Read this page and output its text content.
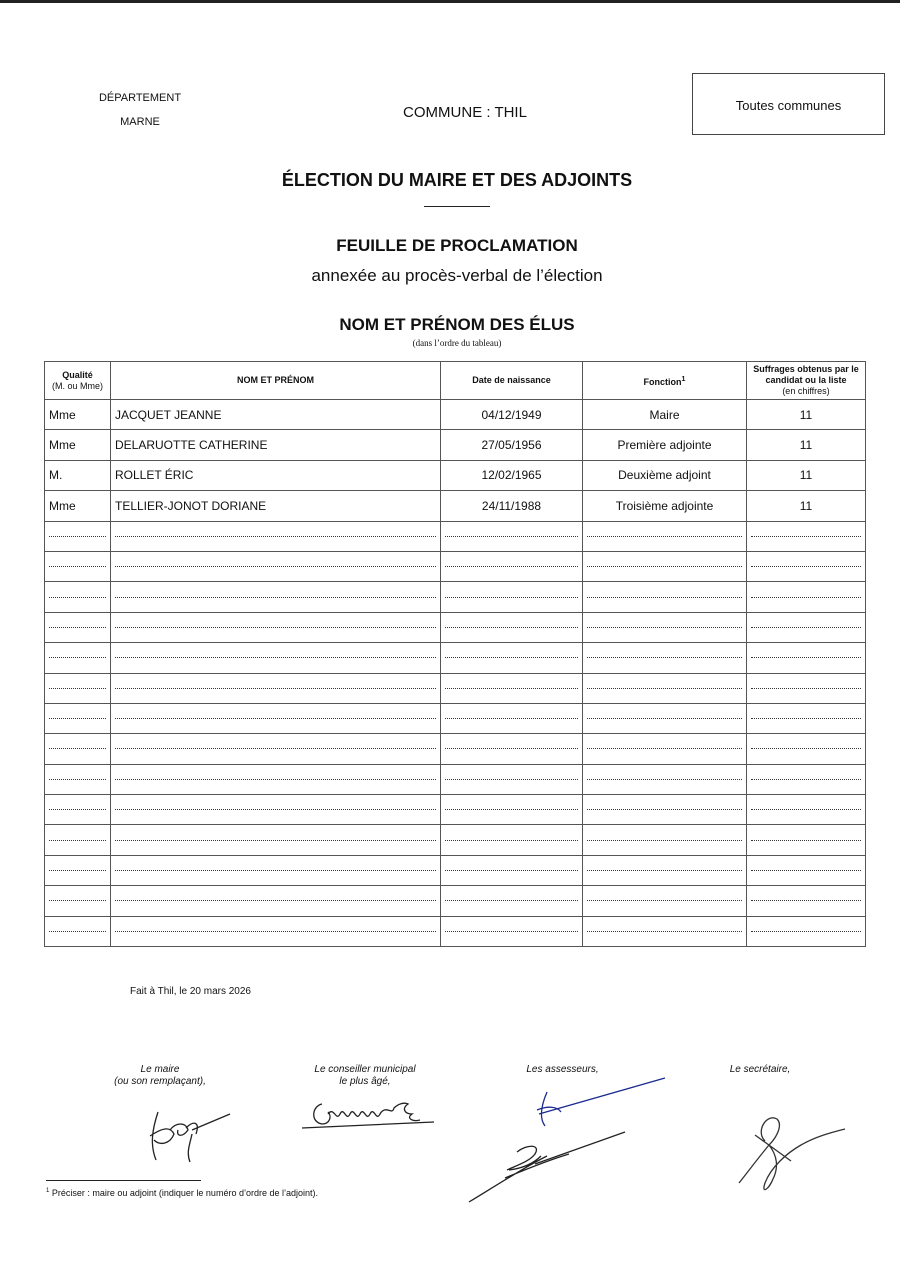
DÉPARTEMENT
MARNE
COMMUNE : THIL	Toutes communes
ÉLECTION DU MAIRE ET DES ADJOINTS
FEUILLE DE PROCLAMATION
annexée au procès-verbal de l’élection
NOM ET PRÉNOM DES ÉLUS
(dans l’ordre du tableau)
Qualité
(M. ou Mme)	NOM ET PRÉNOM	Date de naissance	Fonction$^1$	Suffrages obtenus par le candidat ou la liste
(en chiffres)
Mme	JACQUET JEANNE	04/12/1949	Maire	11
Mme	DELARUOTTE CATHERINE	27/05/1956	Première adjointe	11
M.	ROLLET ÉRIC	12/02/1965	Deuxième adjoint	11
Mme	TELLIER-JONOT DORIANE	24/11/1988	Troisième adjointe	11

Fait à Thil, le 20 mars 2026
Le maire
(ou son remplaçant),
Le conseiller municipal
le plus âgé,
Les assesseurs,	Le secrétaire,
$^1$ Préciser : maire ou adjoint (indiquer le numéro d’ordre de l’adjoint).
